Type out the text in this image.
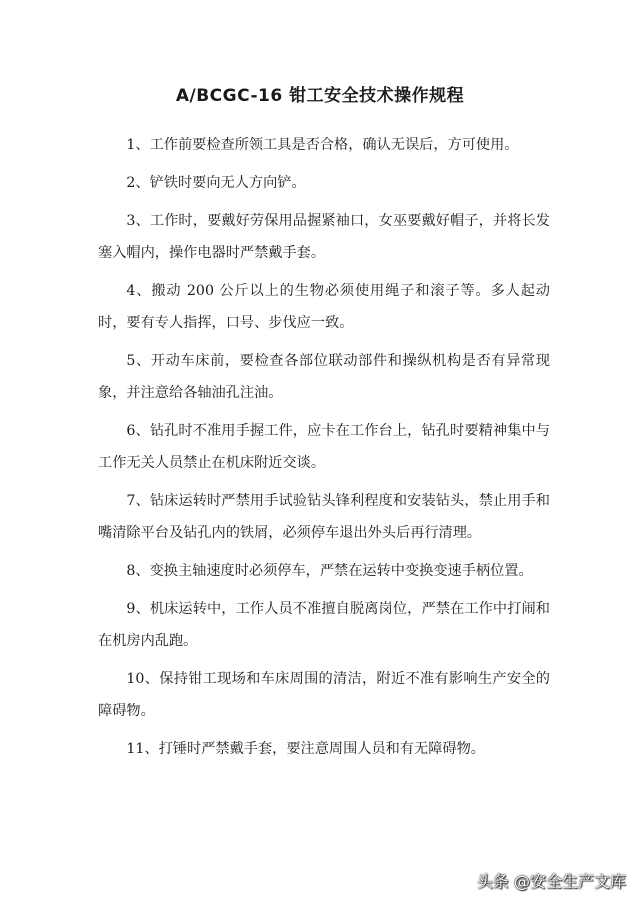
A/BCGC-16 钳工安全技术操作规程
1、工作前要检查所领工具是否合格，确认无误后，方可使用。
2、铲铁时要向无人方向铲。
3、工作时，要戴好劳保用品握紧袖口，女巫要戴好帽子，并将长发塞入帽内，操作电器时严禁戴手套。
4、搬动 200 公斤以上的生物必须使用绳子和滚子等。多人起动时，要有专人指挥，口号、步伐应一致。
5、开动车床前，要检查各部位联动部件和操纵机构是否有异常现象，并注意给各轴油孔注油。
6、钻孔时不准用手握工件，应卡在工作台上，钻孔时要精神集中与工作无关人员禁止在机床附近交谈。
7、钻床运转时严禁用手试验钻头锋利程度和安装钻头，禁止用手和嘴清除平台及钻孔内的铁屑，必须停车退出外头后再行清理。
8、变换主轴速度时必须停车，严禁在运转中变换变速手柄位置。
9、机床运转中，工作人员不准擅自脱离岗位，严禁在工作中打闹和在机房内乱跑。
10、保持钳工现场和车床周围的清洁，附近不准有影响生产安全的障碍物。
11、打锤时严禁戴手套，要注意周围人员和有无障碍物。
头条 @安全生产文库
